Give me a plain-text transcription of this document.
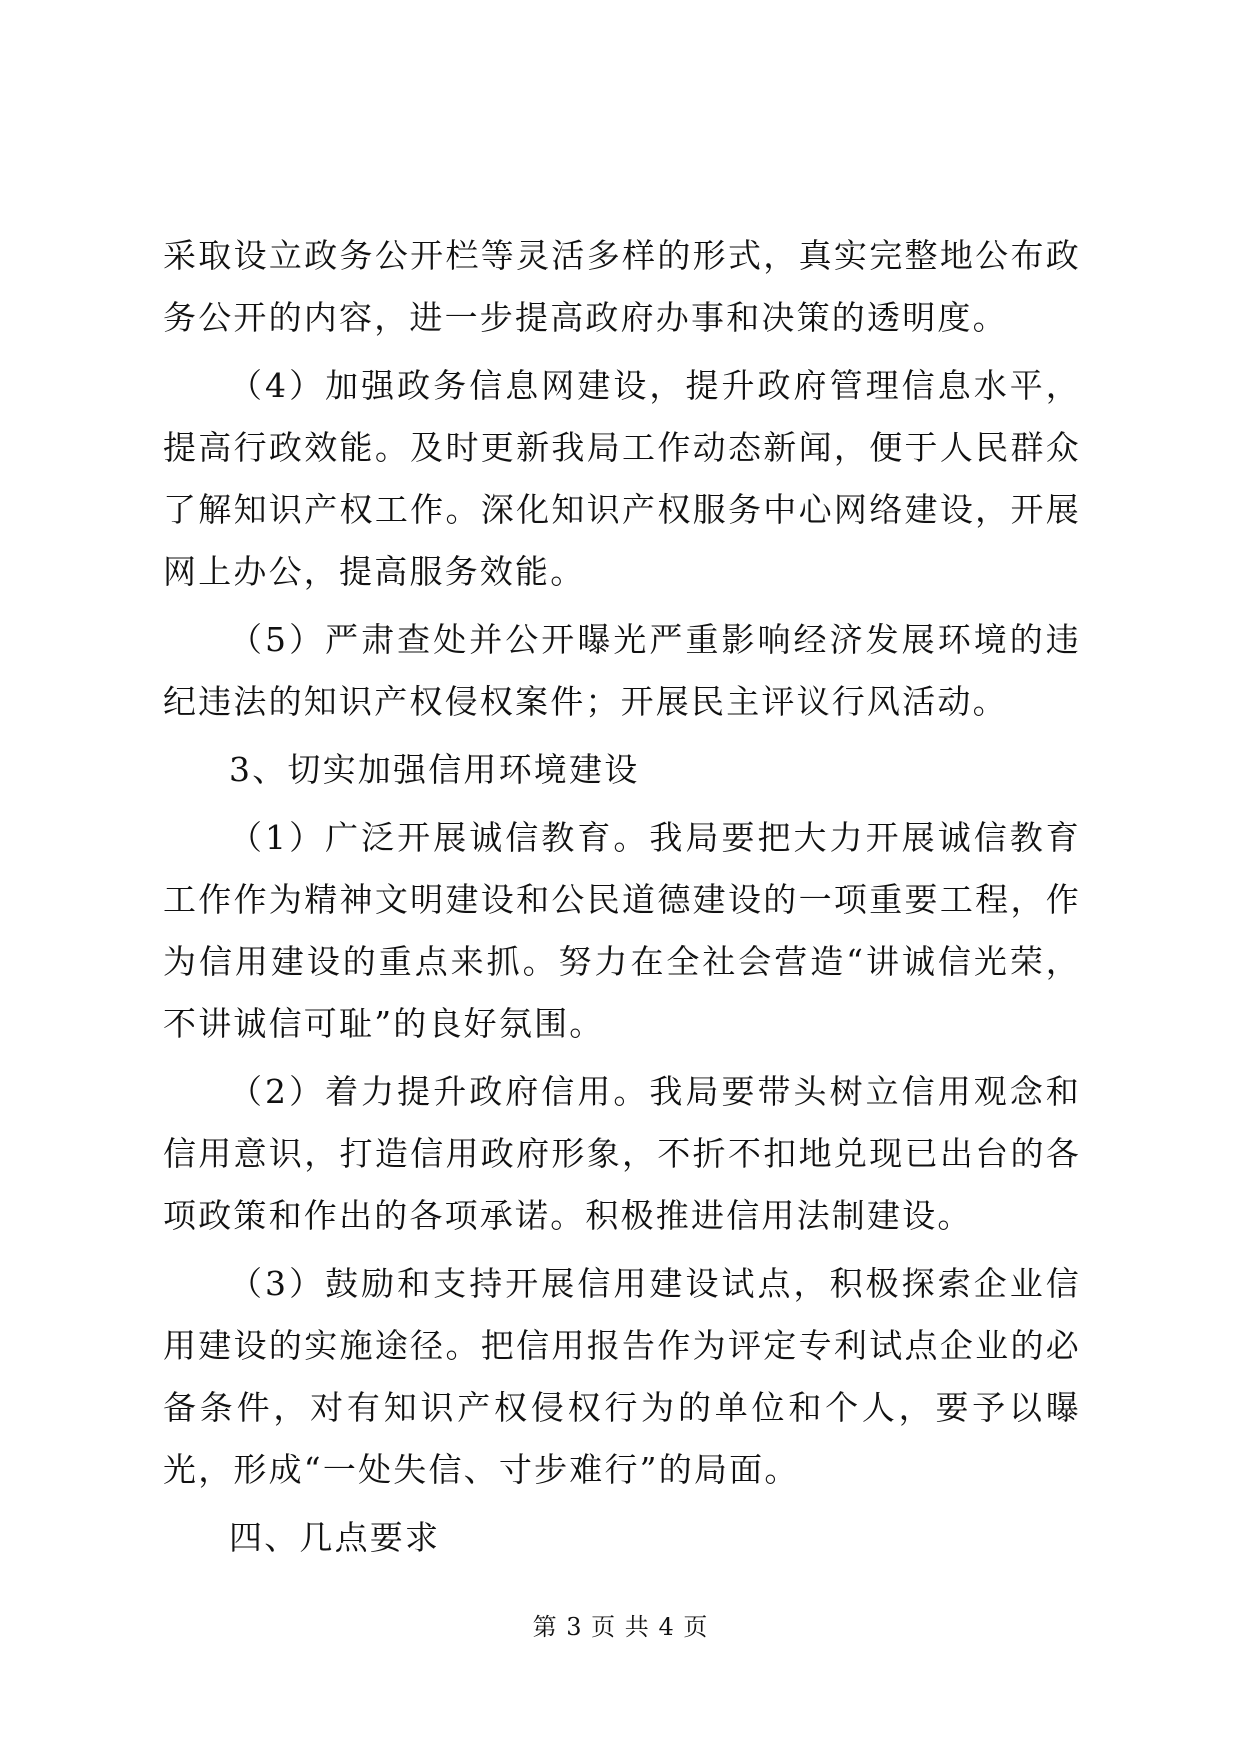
采取设立政务公开栏等灵活多样的形式，真实完整地公布政务公开的内容，进一步提高政府办事和决策的透明度。

（4）加强政务信息网建设，提升政府管理信息水平，提高行政效能。及时更新我局工作动态新闻，便于人民群众了解知识产权工作。深化知识产权服务中心网络建设，开展网上办公，提高服务效能。

（5）严肃查处并公开曝光严重影响经济发展环境的违纪违法的知识产权侵权案件；开展民主评议行风活动。

3、切实加强信用环境建设

（1）广泛开展诚信教育。我局要把大力开展诚信教育工作作为精神文明建设和公民道德建设的一项重要工程，作为信用建设的重点来抓。努力在全社会营造“讲诚信光荣，不讲诚信可耻”的良好氛围。

（2）着力提升政府信用。我局要带头树立信用观念和信用意识，打造信用政府形象，不折不扣地兑现已出台的各项政策和作出的各项承诺。积极推进信用法制建设。

（3）鼓励和支持开展信用建设试点，积极探索企业信用建设的实施途径。把信用报告作为评定专利试点企业的必备条件，对有知识产权侵权行为的单位和个人，要予以曝光，形成“一处失信、寸步难行”的局面。

四、几点要求

第 3 页 共 4 页
